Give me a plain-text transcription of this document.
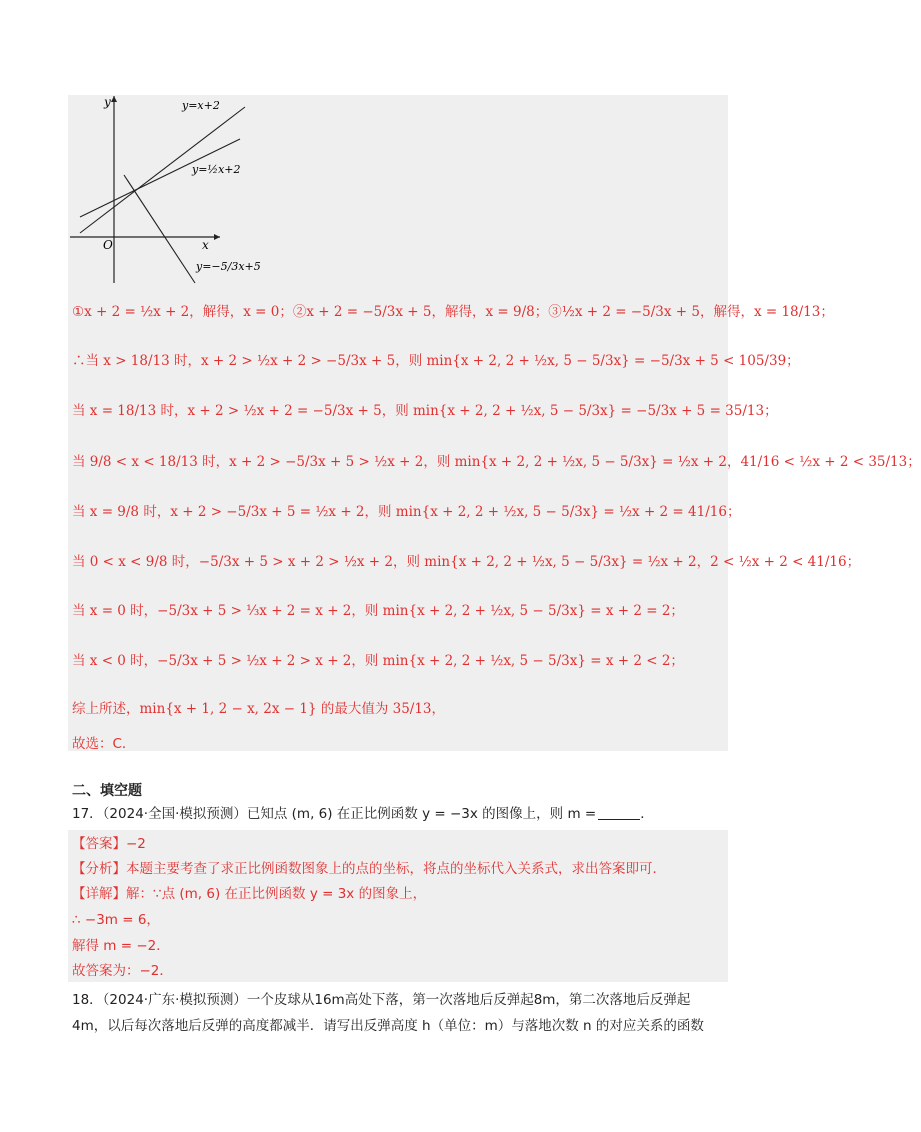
y
x
O
y=x+2
y=½x+2
y=−5/3x+5
①x + 2 = ½x + 2，解得，x = 0；②x + 2 = −5/3x + 5，解得，x = 9/8；③½x + 2 = −5/3x + 5，解得，x = 18/13；
∴当 x > 18/13 时，x + 2 > ½x + 2 > −5/3x + 5，则 min{x + 2, 2 + ½x, 5 − 5/3x} = −5/3x + 5 < 105/39；
当 x = 18/13 时，x + 2 > ½x + 2 = −5/3x + 5，则 min{x + 2, 2 + ½x, 5 − 5/3x} = −5/3x + 5 = 35/13；
当 9/8 < x < 18/13 时，x + 2 > −5/3x + 5 > ½x + 2，则 min{x + 2, 2 + ½x, 5 − 5/3x} = ½x + 2，41/16 < ½x + 2 < 35/13；
当 x = 9/8 时，x + 2 > −5/3x + 5 = ½x + 2，则 min{x + 2, 2 + ½x, 5 − 5/3x} = ½x + 2 = 41/16；
当 0 < x < 9/8 时，−5/3x + 5 > x + 2 > ½x + 2，则 min{x + 2, 2 + ½x, 5 − 5/3x} = ½x + 2，2 < ½x + 2 < 41/16；
当 x = 0 时，−5/3x + 5 > ⅓x + 2 = x + 2，则 min{x + 2, 2 + ½x, 5 − 5/3x} = x + 2 = 2；
当 x < 0 时，−5/3x + 5 > ½x + 2 > x + 2，则 min{x + 2, 2 + ½x, 5 − 5/3x} = x + 2 < 2；
综上所述，min{x + 1, 2 − x, 2x − 1} 的最大值为 35/13，
故选：C．
二、填空题
17．（2024·全国·模拟预测）已知点 (m, 6) 在正比例函数 y = −3x 的图像上，则 m =	．
【答案】−2
【分析】本题主要考查了求正比例函数图象上的点的坐标，将点的坐标代入关系式，求出答案即可．
【详解】解：∵点 (m, 6) 在正比例函数 y = 3x 的图象上，
∴ −3m = 6，
解得 m = −2．
故答案为：−2．
18．（2024·广东·模拟预测）一个皮球从16m高处下落，第一次落地后反弹起8m，第二次落地后反弹起
4m，以后每次落地后反弹的高度都减半．请写出反弹高度 h（单位：m）与落地次数 n 的对应关系的函数
